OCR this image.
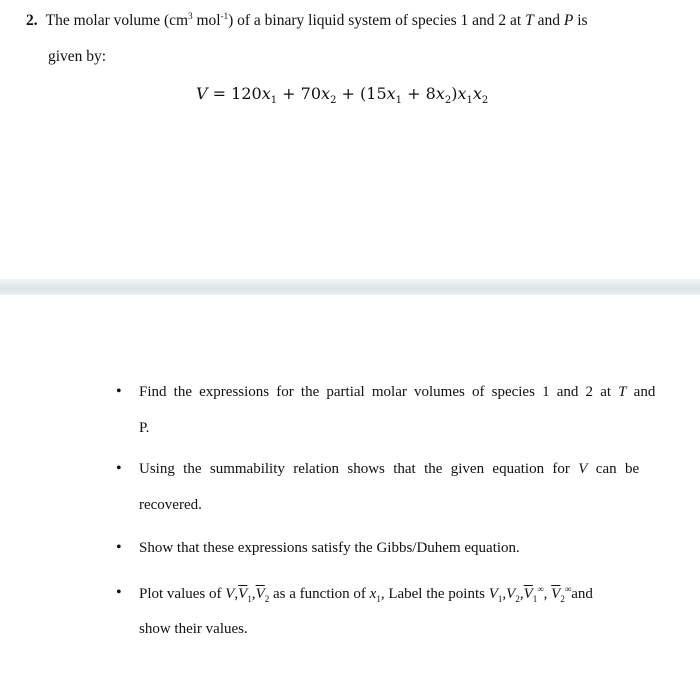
2. The molar volume ($cm^3$ mol$^{-1}$) of a binary liquid system of species 1 and 2 at T and P is
given by:
$V = 120x_1 + 70x_2 + (15x_1 + 8x_2)x_1x_2$
• Find the expressions for the partial molar volumes of species 1 and 2 at T and
P.
• Using the summability relation shows that the given equation for V can be
recovered.
• Show that these expressions satisfy the Gibbs/Duhem equation.
• Plot values of $V,\overline{V}_1,\overline{V}_2$ as a function of $x_1$, Label the points $V_1,V_2,\overline{V}_1^\infty$, $\overline{V}_2^\infty and$
show their values.
